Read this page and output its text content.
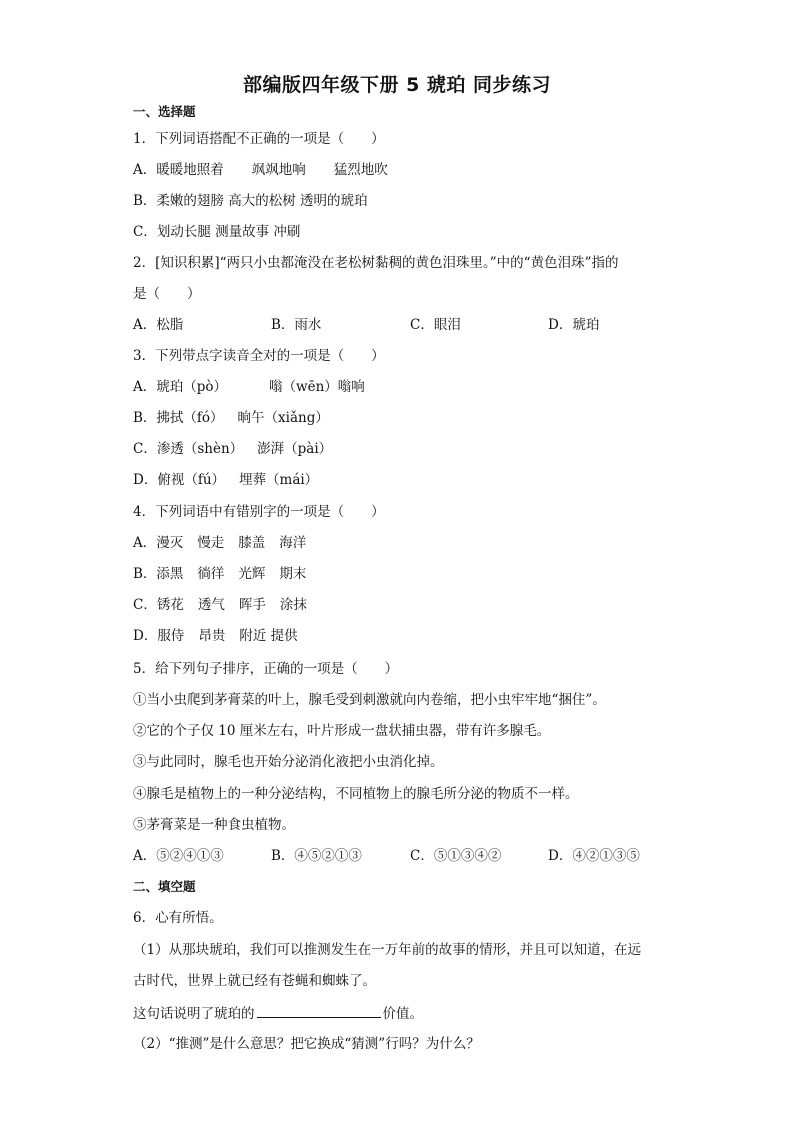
部编版四年级下册 5 琥珀 同步练习
一、选择题
1．下列词语搭配不正确的一项是（　　）
A．暖暖地照着 飒飒地响 猛烈地吹
B．柔嫩的翅膀 高大的松树 透明的琥珀
C．划动长腿 测量故事 冲刷
2．[知识积累]“两只小虫都淹没在老松树黏稠的黄色泪珠里。”中的“黄色泪珠”指的
是（　　）
A．松脂	B．雨水	C．眼泪	D．琥珀
3．下列带点字读音全对的一项是（　　）
A．琥珀（pò）	嗡（wēn）嗡响
B．拂拭（fó） 晌午（xiǎng）
C．渗透（shèn） 澎湃（pài）
D．俯视（fú） 埋葬（mái）
4．下列词语中有错别字的一项是（　　）
A．漫灭 慢走 膝盖 海洋
B．添黑 徜徉 光辉 期末
C．锈花 透气 晖手 涂抹
D．服侍 昂贵 附近 提供
5．给下列句子排序，正确的一项是（　　）
①当小虫爬到茅膏菜的叶上，腺毛受到刺激就向内卷缩，把小虫牢牢地“捆住”。
②它的个子仅 10 厘米左右，叶片形成一盘状捕虫器，带有许多腺毛。
③与此同时，腺毛也开始分泌消化液把小虫消化掉。
④腺毛是植物上的一种分泌结构，不同植物上的腺毛所分泌的物质不一样。
⑤茅膏菜是一种食虫植物。
A．⑤②④①③	B．④⑤②①③	C．⑤①③④②	D．④②①③⑤
二、填空题
6．心有所悟。
（1）从那块琥珀，我们可以推测发生在一万年前的故事的情形，并且可以知道，在远
古时代，世界上就已经有苍蝇和蜘蛛了。
这句话说明了琥珀的	价值。
（2）“推测”是什么意思？把它换成“猜测”行吗？为什么？
